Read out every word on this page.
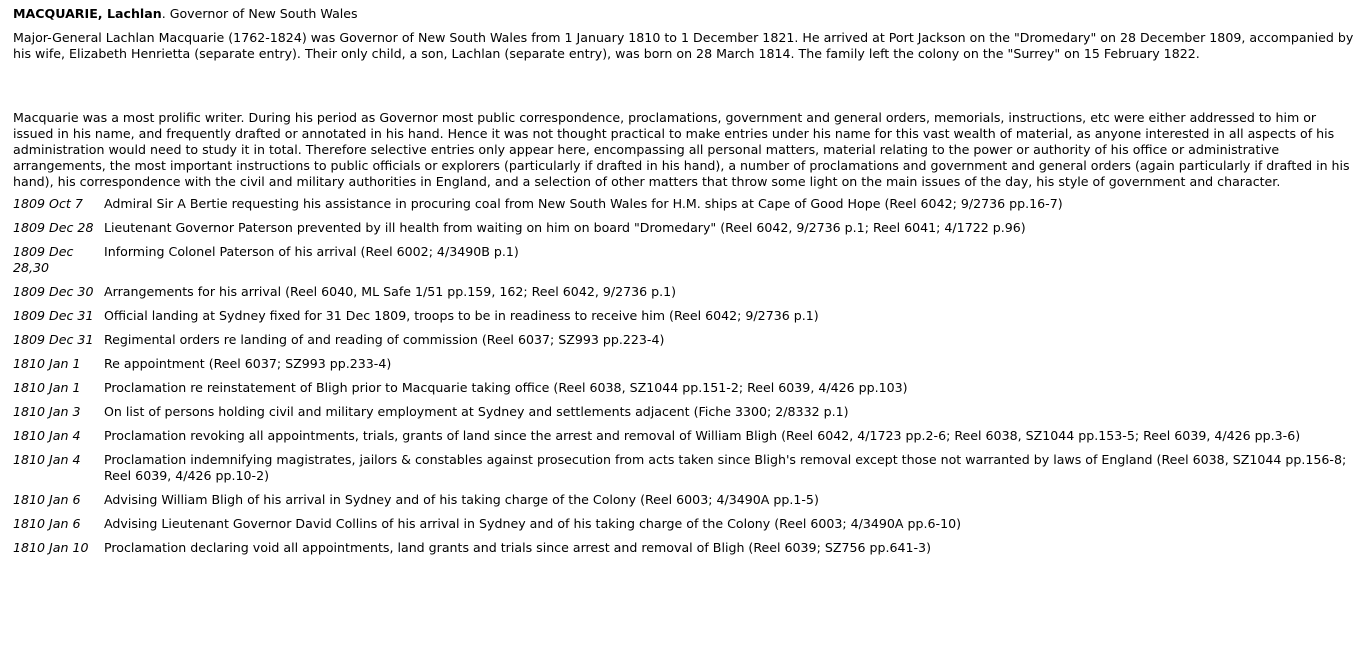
MACQUARIE, Lachlan. Governor of New South Wales

Major-General Lachlan Macquarie (1762-1824) was Governor of New South Wales from 1 January 1810 to 1 December 1821. He arrived at Port Jackson on the "Dromedary" on 28 December 1809, accompanied by his wife, Elizabeth Henrietta (separate entry). Their only child, a son, Lachlan (separate entry), was born on 28 March 1814. The family left the colony on the "Surrey" on 15 February 1822.

Macquarie was a most prolific writer. During his period as Governor most public correspondence, proclamations, government and general orders, memorials, instructions, etc were either addressed to him or issued in his name, and frequently drafted or annotated in his hand. Hence it was not thought practical to make entries under his name for this vast wealth of material, as anyone interested in all aspects of his administration would need to study it in total. Therefore selective entries only appear here, encompassing all personal matters, material relating to the power or authority of his office or administrative arrangements, the most important instructions to public officials or explorers (particularly if drafted in his hand), a number of proclamations and government and general orders (again particularly if drafted in his hand), his correspondence with the civil and military authorities in England, and a selection of other matters that throw some light on the main issues of the day, his style of government and character.

1809 Oct 7	Admiral Sir A Bertie requesting his assistance in procuring coal from New South Wales for H.M. ships at Cape of Good Hope (Reel 6042; 9/2736 pp.16-7)
1809 Dec 28	Lieutenant Governor Paterson prevented by ill health from waiting on him on board "Dromedary" (Reel 6042, 9/2736 p.1; Reel 6041; 4/1722 p.96)
1809 Dec 28,30	Informing Colonel Paterson of his arrival (Reel 6002; 4/3490B p.1)
1809 Dec 30	Arrangements for his arrival (Reel 6040, ML Safe 1/51 pp.159, 162; Reel 6042, 9/2736 p.1)
1809 Dec 31	Official landing at Sydney fixed for 31 Dec 1809, troops to be in readiness to receive him (Reel 6042; 9/2736 p.1)
1809 Dec 31	Regimental orders re landing of and reading of commission (Reel 6037; SZ993 pp.223-4)
1810 Jan 1	Re appointment (Reel 6037; SZ993 pp.233-4)
1810 Jan 1	Proclamation re reinstatement of Bligh prior to Macquarie taking office (Reel 6038, SZ1044 pp.151-2; Reel 6039, 4/426 pp.103)
1810 Jan 3	On list of persons holding civil and military employment at Sydney and settlements adjacent (Fiche 3300; 2/8332 p.1)
1810 Jan 4	Proclamation revoking all appointments, trials, grants of land since the arrest and removal of William Bligh (Reel 6042, 4/1723 pp.2-6; Reel 6038, SZ1044 pp.153-5; Reel 6039, 4/426 pp.3-6)
1810 Jan 4	Proclamation indemnifying magistrates, jailors & constables against prosecution from acts taken since Bligh's removal except those not warranted by laws of England (Reel 6038, SZ1044 pp.156-8; Reel 6039, 4/426 pp.10-2)
1810 Jan 6	Advising William Bligh of his arrival in Sydney and of his taking charge of the Colony (Reel 6003; 4/3490A pp.1-5)
1810 Jan 6	Advising Lieutenant Governor David Collins of his arrival in Sydney and of his taking charge of the Colony (Reel 6003; 4/3490A pp.6-10)
1810 Jan 10	Proclamation declaring void all appointments, land grants and trials since arrest and removal of Bligh (Reel 6039; SZ756 pp.641-3)
